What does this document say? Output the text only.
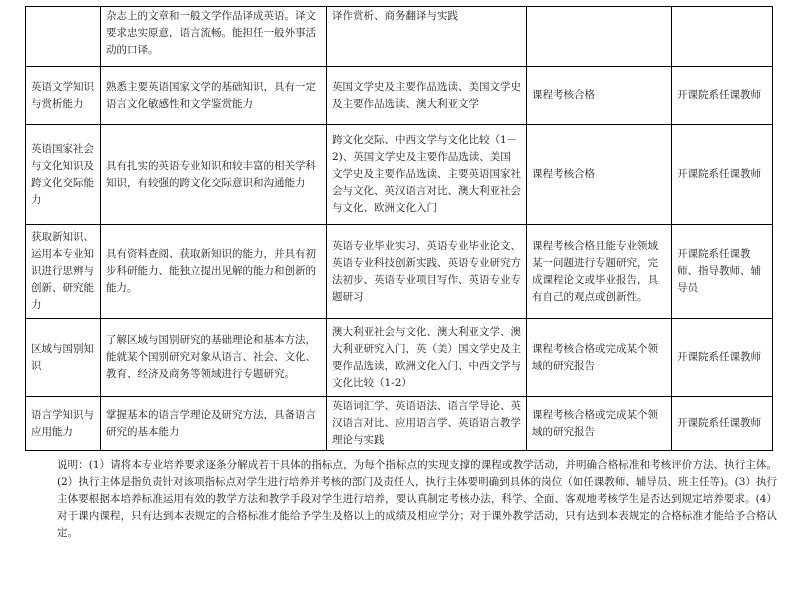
	杂志上的文章和一般文学作品译成英语。译文要求忠实原意，语言流畅。能担任一般外事活动的口译。	译作赏析、商务翻译与实践		
英语文学知识与赏析能力	熟悉主要英语国家文学的基础知识，具有一定语言文化敏感性和文学鉴赏能力	英国文学史及主要作品选读、美国文学史及主要作品选读、澳大利亚文学	课程考核合格	开课院系任课教师
英语国家社会与文化知识及跨文化交际能力	具有扎实的英语专业知识和较丰富的相关学科知识，有较强的跨文化交际意识和沟通能力	跨文化交际、中西文学与文化比较（1－2)、英国文学史及主要作品选读、美国文学史及主要作品选读、主要英语国家社会与文化、英汉语言对比、澳大利亚社会与文化、欧洲文化入门	课程考核合格	开课院系任课教师
获取新知识、运用本专业知识进行思辨与创新、研究能力	具有资料查阅、获取新知识的能力，并具有初步科研能力、能独立提出见解的能力和创新的能力。	英语专业毕业实习、英语专业毕业论文、英语专业科技创新实践、英语专业研究方法初步、英语专业项目写作、英语专业专题研习	课程考核合格且能专业领域某一问题进行专题研究，完成课程论文或毕业报告，具有自己的观点或创新性。	开课院系任课教师、指导教师、辅导员
区域与国别知识	了解区域与国别研究的基础理论和基本方法，能就某个国别研究对象从语言、社会、文化、教育、经济及商务等领域进行专题研究。	澳大利亚社会与文化、澳大利亚文学、澳大利亚研究入门，英（美）国文学史及主要作品选读，欧洲文化入门、中西文学与文化比较（1-2）	课程考核合格或完成某个领域的研究报告	开课院系任课教师
语言学知识与应用能力	掌握基本的语言学理论及研究方法，具备语言研究的基本能力	英语词汇学、英语语法、语言学导论、英汉语言对比、应用语言学、英语语言教学理论与实践	课程考核合格或完成某个领域的研究报告	开课院系任课教师

说明：(1）请将本专业培养要求逐条分解成若干具体的指标点，为每个指标点的实现支撑的课程或教学活动，并明确合格标准和考核评价方法、执行主体。(2）执行主体是指负责针对该项指标点对学生进行培养并考核的部门及责任人，执行主体要明确到具体的岗位（如任课教师、辅导员、班主任等)。(3）执行主体要根据本培养标准运用有效的教学方法和教学手段对学生进行培养，要认真制定考核办法，科学、全面、客观地考核学生是否达到规定培养要求。(4）对于课内课程，只有达到本表规定的合格标准才能给予学生及格以上的成绩及相应学分；对于课外教学活动，只有达到本表规定的合格标准才能给予合格认定。
